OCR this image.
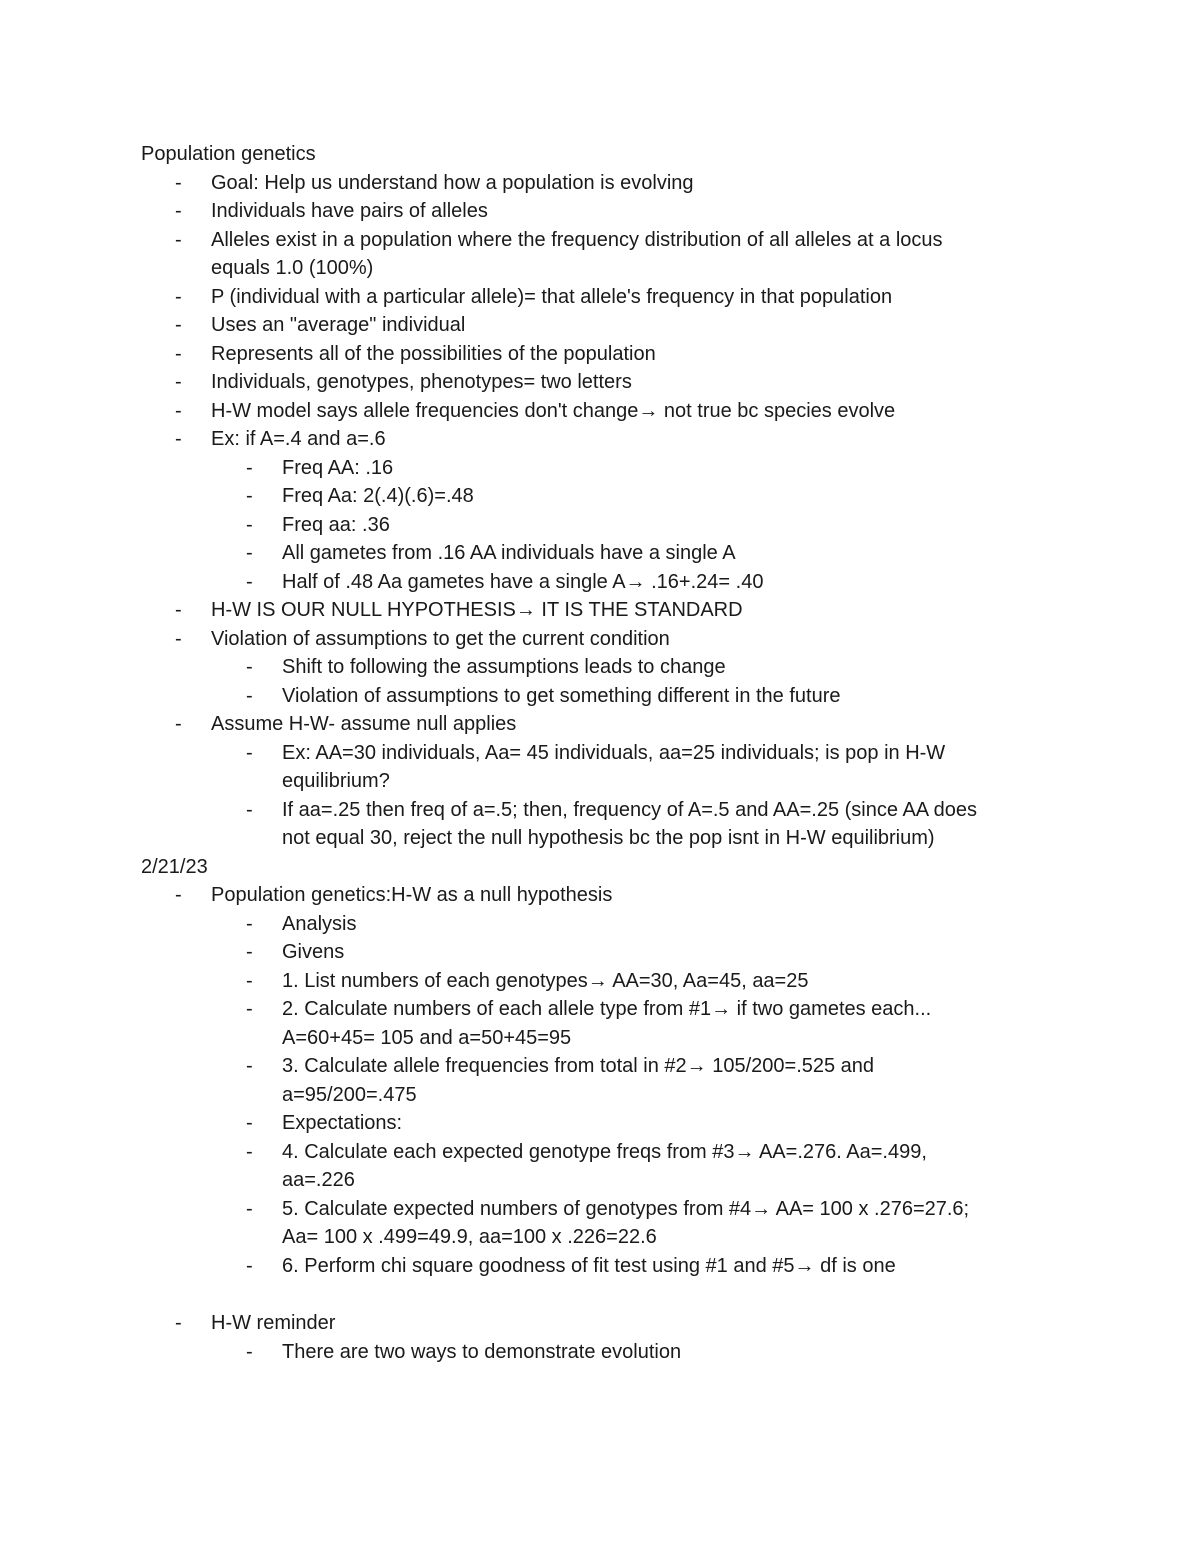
Population genetics

- Goal: Help us understand how a population is evolving

- Individuals have pairs of alleles

- Alleles exist in a population where the frequency distribution of all alleles at a locus

equals 1.0 (100%)

- P (individual with a particular allele)= that allele's frequency in that population

- Uses an "average" individual

- Represents all of the possibilities of the population

- Individuals, genotypes, phenotypes= two letters

- H-W model says allele frequencies don't change→ not true bc species evolve

- Ex: if A=.4 and a=.6

- Freq AA: .16

- Freq Aa: 2(.4)(.6)=.48

- Freq aa: .36

- All gametes from .16 AA individuals have a single A

- Half of .48 Aa gametes have a single A→ .16+.24= .40

- H-W IS OUR NULL HYPOTHESIS→ IT IS THE STANDARD

- Violation of assumptions to get the current condition

- Shift to following the assumptions leads to change

- Violation of assumptions to get something different in the future

- Assume H-W- assume null applies

- Ex: AA=30 individuals, Aa= 45 individuals, aa=25 individuals; is pop in H-W

equilibrium?

- If aa=.25 then freq of a=.5; then, frequency of A=.5 and AA=.25 (since AA does

not equal 30, reject the null hypothesis bc the pop isnt in H-W equilibrium)

2/21/23

- Population genetics:H-W as a null hypothesis

- Analysis

- Givens

- 1. List numbers of each genotypes→ AA=30, Aa=45, aa=25

- 2. Calculate numbers of each allele type from #1→ if two gametes each...

A=60+45= 105 and a=50+45=95

- 3. Calculate allele frequencies from total in #2→ 105/200=.525 and

a=95/200=.475

- Expectations:

- 4. Calculate each expected genotype freqs from #3→ AA=.276. Aa=.499,

aa=.226

- 5. Calculate expected numbers of genotypes from #4→ AA= 100 x .276=27.6;

Aa= 100 x .499=49.9, aa=100 x .226=22.6

- 6. Perform chi square goodness of fit test using #1 and #5→ df is one

- H-W reminder

- There are two ways to demonstrate evolution
